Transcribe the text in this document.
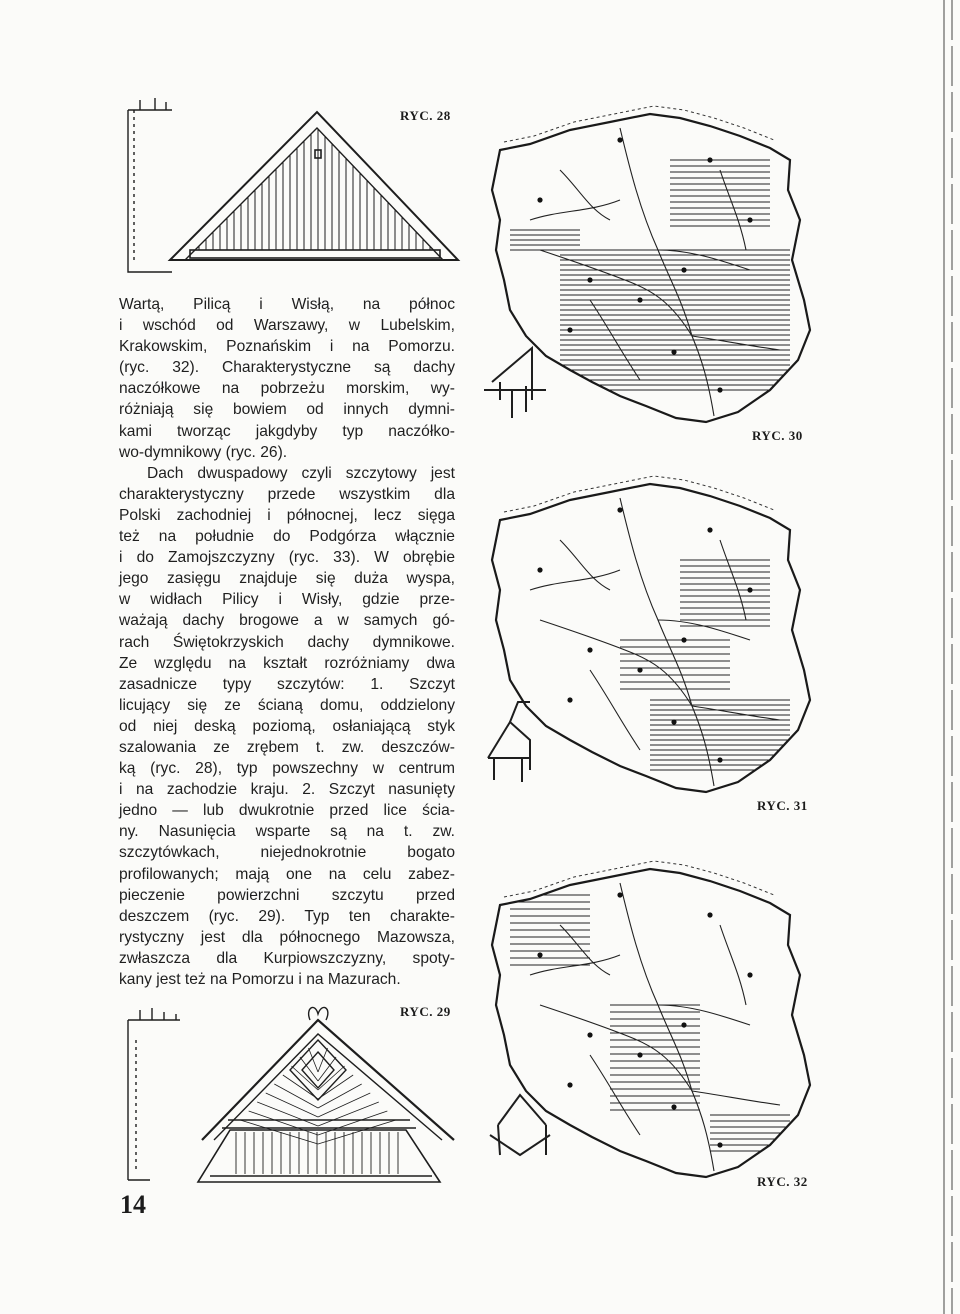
RYC. 28
RYC. 30
RYC. 31
RYC. 29
RYC. 32
Wartą, Pilicą i Wisłą, na północ
i wschód od Warszawy, w Lubelskim,
Krakowskim, Poznańskim i na Pomorzu.
(ryc. 32). Charakterystyczne są dachy
naczółkowe na pobrzeżu morskim, wy-
różniają się bowiem od innych dymni-
kami tworząc jakgdyby typ naczółko-
wo-dymnikowy (ryc. 26).
Dach dwuspadowy czyli szczytowy jest
charakterystyczny przede wszystkim dla
Polski zachodniej i północnej, lecz sięga
też na południe do Podgórza włącznie
i do Zamojszczyzny (ryc. 33). W obrębie
jego zasięgu znajduje się duża wyspa,
w widłach Pilicy i Wisły, gdzie prze-
ważają dachy brogowe a w samych gó-
rach Świętokrzyskich dachy dymnikowe.
Ze względu na kształt rozróżniamy dwa
zasadnicze typy szczytów: 1. Szczyt
licujący się ze ścianą domu, oddzielony
od niej deską poziomą, osłaniającą styk
szalowania ze zrębem t. zw. deszczów-
ką (ryc. 28), typ powszechny w centrum
i na zachodzie kraju. 2. Szczyt nasunięty
jedno — lub dwukrotnie przed lice ścia-
ny. Nasunięcia wsparte są na t. zw.
szczytówkach, niejednokrotnie bogato
profilowanych; mają one na celu zabez-
pieczenie powierzchni szczytu przed
deszczem (ryc. 29). Typ ten charakte-
rystyczny jest dla północnego Mazowsza,
zwłaszcza dla Kurpiowszczyzny, spoty-
kany jest też na Pomorzu i na Mazurach.
14
